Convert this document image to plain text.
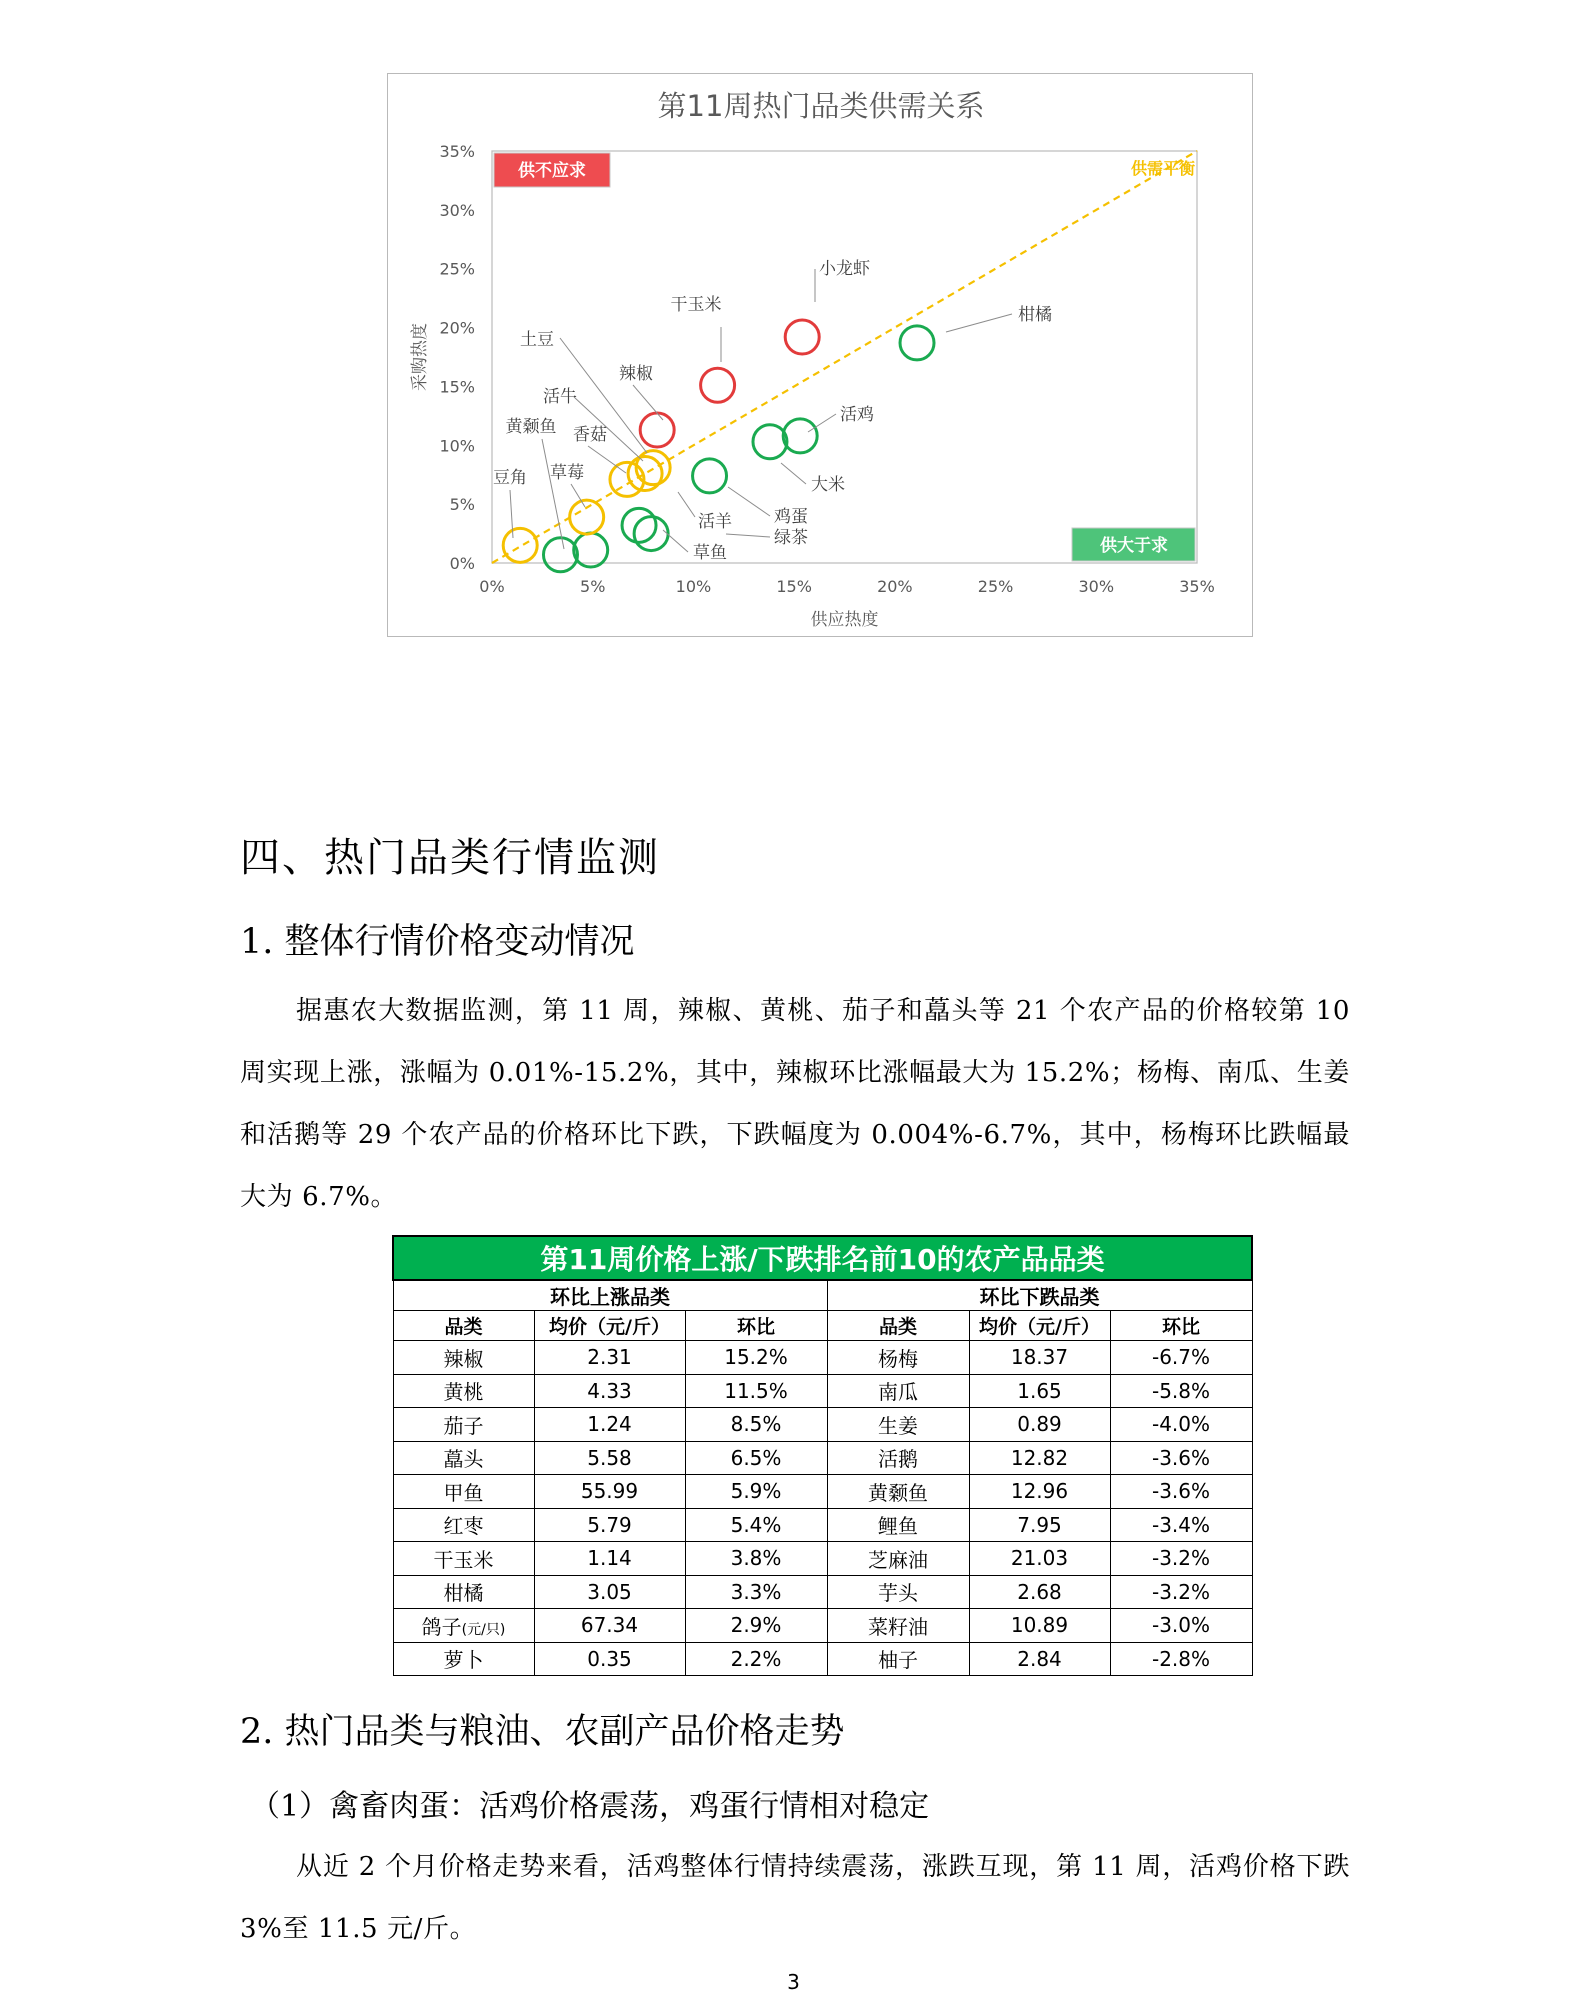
第11周热门品类供需关系
0%	5%	10%	15%	20%	25%	30%	35%
0%
5%
10%
15%
20%
25%
30%
35%
供应热度
采购热度
供需平衡
供不应求
供大于求
小龙虾
干玉米
辣椒
柑橘
活鸡
大米
鸡蛋
活羊
绿茶
草鱼
黄颡鱼
土豆
活牛
香菇
草莓
豆角
四、热门品类行情监测
1. 整体行情价格变动情况

据惠农大数据监测，第 11 周，辣椒、黄桃、茄子和藠头等 21 个农产品的价格较第 10 周实现上涨，涨幅为 0.01%-15.2%，其中，辣椒环比涨幅最大为 15.2%；杨梅、南瓜、生姜和活鹅等 29 个农产品的价格环比下跌，下跌幅度为 0.004%-6.7%，其中，杨梅环比跌幅最大为 6.7%。

第11周价格上涨/下跌排名前10的农产品品类					
环比上涨品类			环比下跌品类		
品类	均价（元/斤）	环比	品类	均价（元/斤）	环比
辣椒	2.31	15.2%	杨梅	18.37	-6.7%
黄桃	4.33	11.5%	南瓜	1.65	-5.8%
茄子	1.24	8.5%	生姜	0.89	-4.0%
藠头	5.58	6.5%	活鹅	12.82	-3.6%
甲鱼	55.99	5.9%	黄颡鱼	12.96	-3.6%
红枣	5.79	5.4%	鲤鱼	7.95	-3.4%
干玉米	1.14	3.8%	芝麻油	21.03	-3.2%
柑橘	3.05	3.3%	芋头	2.68	-3.2%
鸽子(元/只)	67.34	2.9%	菜籽油	10.89	-3.0%
萝卜	0.35	2.2%	柚子	2.84	-2.8%
2. 热门品类与粮油、农副产品价格走势
（1）禽畜肉蛋：活鸡价格震荡，鸡蛋行情相对稳定

从近 2 个月价格走势来看，活鸡整体行情持续震荡，涨跌互现，第 11 周，活鸡价格下跌 3%至 11.5 元/斤。

3
